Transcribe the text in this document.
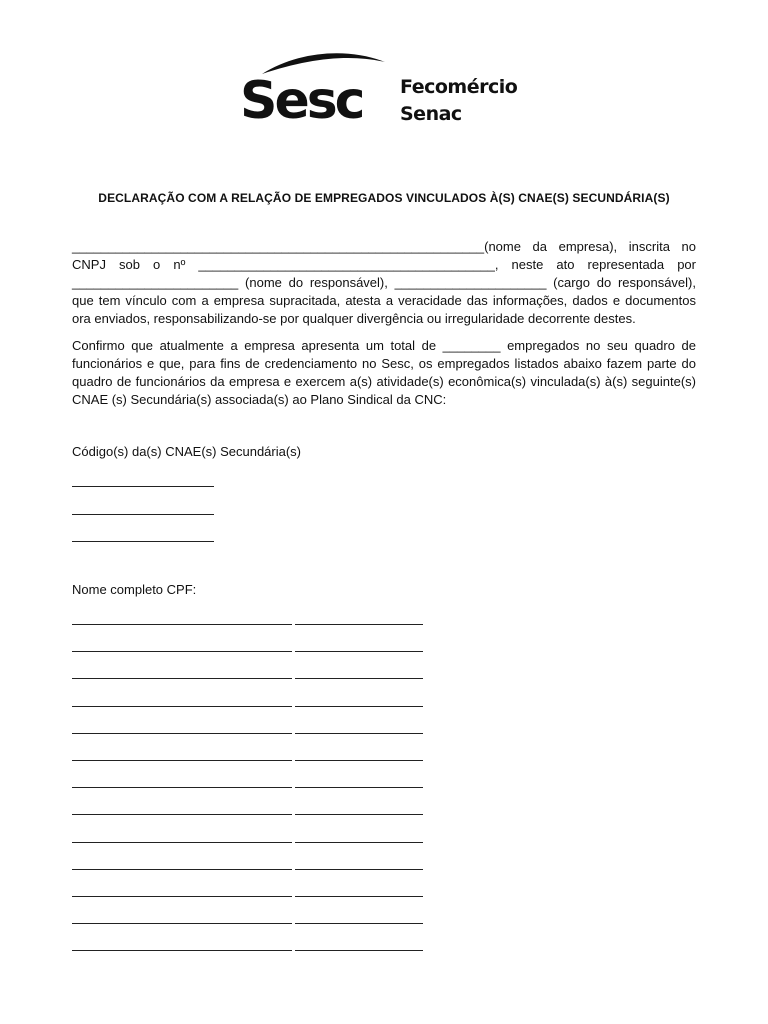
Sesc Fecomércio
Senac
DECLARAÇÃO COM A RELAÇÃO DE EMPREGADOS VINCULADOS À(S) CNAE(S) SECUNDÁRIA(S)

_________________________________________________________(nome da empresa), inscrita no CNPJ sob o nº _________________________________________, neste ato representada por _______________________ (nome do responsável), _____________________ (cargo do responsável), que tem vínculo com a empresa supracitada, atesta a veracidade das informações, dados e documentos ora enviados, responsabilizando-se por qualquer divergência ou irregularidade decorrente destes.

Confirmo que atualmente a empresa apresenta um total de ________ empregados no seu quadro de funcionários e que, para fins de credenciamento no Sesc, os empregados listados abaixo fazem parte do quadro de funcionários da empresa e exercem a(s) atividade(s) econômica(s) vinculada(s) à(s) seguinte(s) CNAE (s) Secundária(s) associada(s) ao Plano Sindical da CNC:

Código(s) da(s) CNAE(s) Secundária(s)
Nome completo CPF:
